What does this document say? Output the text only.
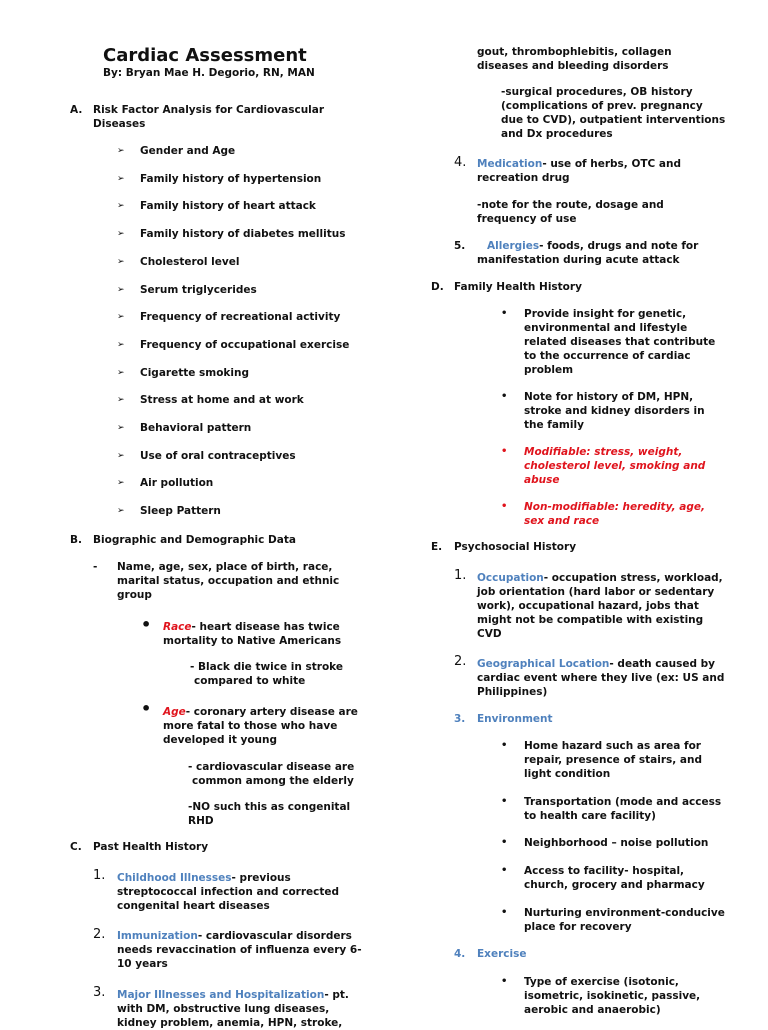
Cardiac Assessment
By: Bryan Mae H. Degorio, RN, MAN
A. Risk Factor Analysis for Cardiovascular
Diseases
➢ Gender and Age
➢ Family history of hypertension
➢ Family history of heart attack
➢ Family history of diabetes mellitus
➢ Cholesterol level
➢ Serum triglycerides
➢ Frequency of recreational activity
➢ Frequency of occupational exercise
➢ Cigarette smoking
➢ Stress at home and at work
➢ Behavioral pattern
➢ Use of oral contraceptives
➢ Air pollution
➢ Sleep Pattern
B. Biographic and Demographic Data
- Name, age, sex, place of birth, race,
marital status, occupation and ethnic
group
• Race- heart disease has twice
mortality to Native Americans
- Black die twice in stroke
compared to white
• Age- coronary artery disease are
more fatal to those who have
developed it young
- cardiovascular disease are
common among the elderly
-NO such this as congenital
RHD
C. Past Health History
1. Childhood Illnesses- previous
streptococcal infection and corrected
congenital heart diseases
2. Immunization- cardiovascular disorders
needs revaccination of influenza every 6-
10 years
3. Major Illnesses and Hospitalization- pt.
with DM, obstructive lung diseases,
kidney problem, anemia, HPN, stroke,
gout, thrombophlebitis, collagen
diseases and bleeding disorders
-surgical procedures, OB history
(complications of prev. pregnancy
due to CVD), outpatient interventions
and Dx procedures
4. Medication- use of herbs, OTC and
recreation drug
-note for the route, dosage and
frequency of use
5. Allergies- foods, drugs and note for
manifestation during acute attack
D. Family Health History
• Provide insight for genetic,
environmental and lifestyle
related diseases that contribute
to the occurrence of cardiac
problem
• Note for history of DM, HPN,
stroke and kidney disorders in
the family
• Modifiable: stress, weight,
cholesterol level, smoking and
abuse
• Non-modifiable: heredity, age,
sex and race
E. Psychosocial History
1. Occupation- occupation stress, workload,
job orientation (hard labor or sedentary
work), occupational hazard, jobs that
might not be compatible with existing
CVD
2. Geographical Location- death caused by
cardiac event where they live (ex: US and
Philippines)
3. Environment
• Home hazard such as area for
repair, presence of stairs, and
light condition
• Transportation (mode and access
to health care facility)
• Neighborhood – noise pollution
• Access to facility- hospital,
church, grocery and pharmacy
• Nurturing environment-conducive
place for recovery
4. Exercise
• Type of exercise (isotonic,
isometric, isokinetic, passive,
aerobic and anaerobic)
